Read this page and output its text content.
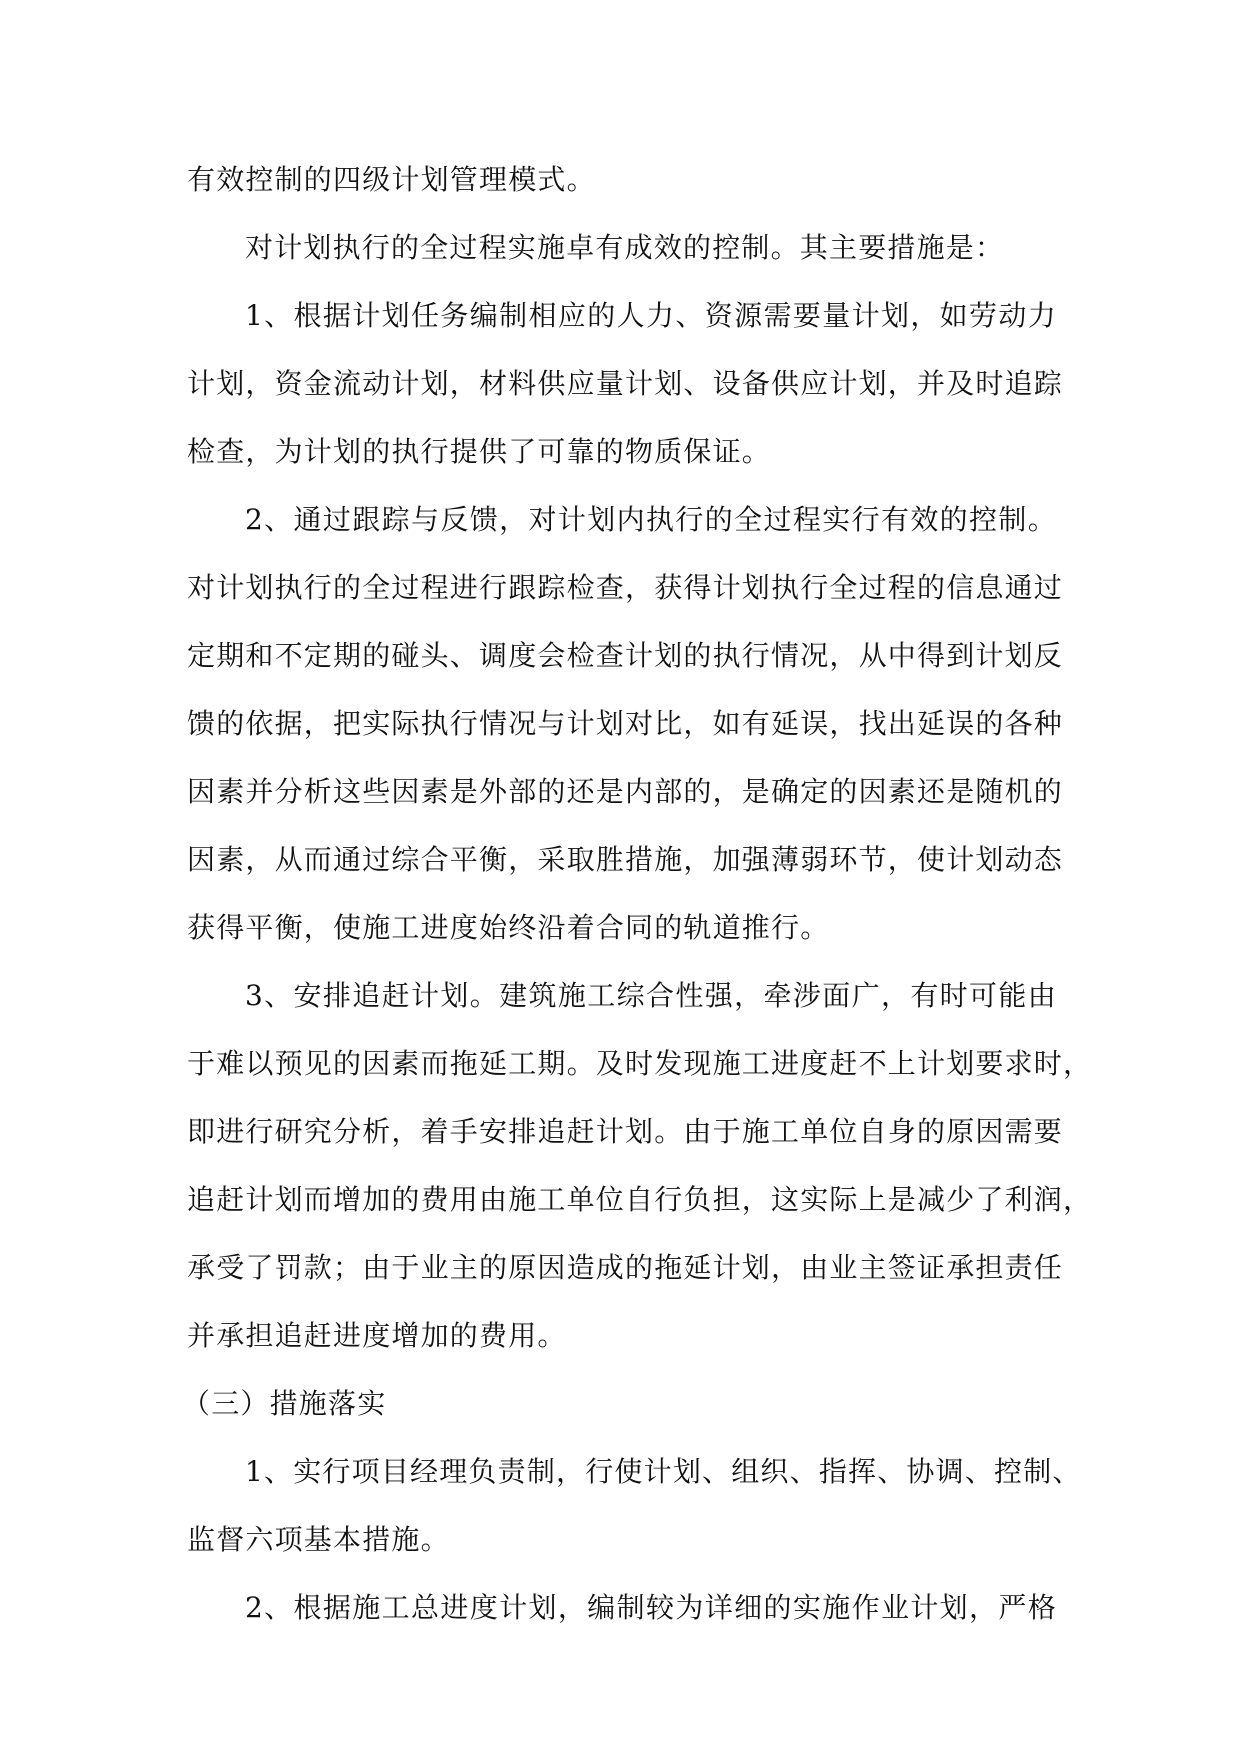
有效控制的四级计划管理模式。
对计划执行的全过程实施卓有成效的控制。其主要措施是：
1、根据计划任务编制相应的人力、资源需要量计划，如劳动力
计划，资金流动计划，材料供应量计划、设备供应计划，并及时追踪
检查，为计划的执行提供了可靠的物质保证。
2、通过跟踪与反馈，对计划内执行的全过程实行有效的控制。
对计划执行的全过程进行跟踪检查，获得计划执行全过程的信息通过
定期和不定期的碰头、调度会检查计划的执行情况，从中得到计划反
馈的依据，把实际执行情况与计划对比，如有延误，找出延误的各种
因素并分析这些因素是外部的还是内部的，是确定的因素还是随机的
因素，从而通过综合平衡，采取胜措施，加强薄弱环节，使计划动态
获得平衡，使施工进度始终沿着合同的轨道推行。
3、安排追赶计划。建筑施工综合性强，牵涉面广，有时可能由
于难以预见的因素而拖延工期。及时发现施工进度赶不上计划要求时，
即进行研究分析，着手安排追赶计划。由于施工单位自身的原因需要
追赶计划而增加的费用由施工单位自行负担，这实际上是减少了利润，
承受了罚款；由于业主的原因造成的拖延计划，由业主签证承担责任
并承担追赶进度增加的费用。
（三）措施落实
1、实行项目经理负责制，行使计划、组织、指挥、协调、控制、
监督六项基本措施。
2、根据施工总进度计划，编制较为详细的实施作业计划，严格
